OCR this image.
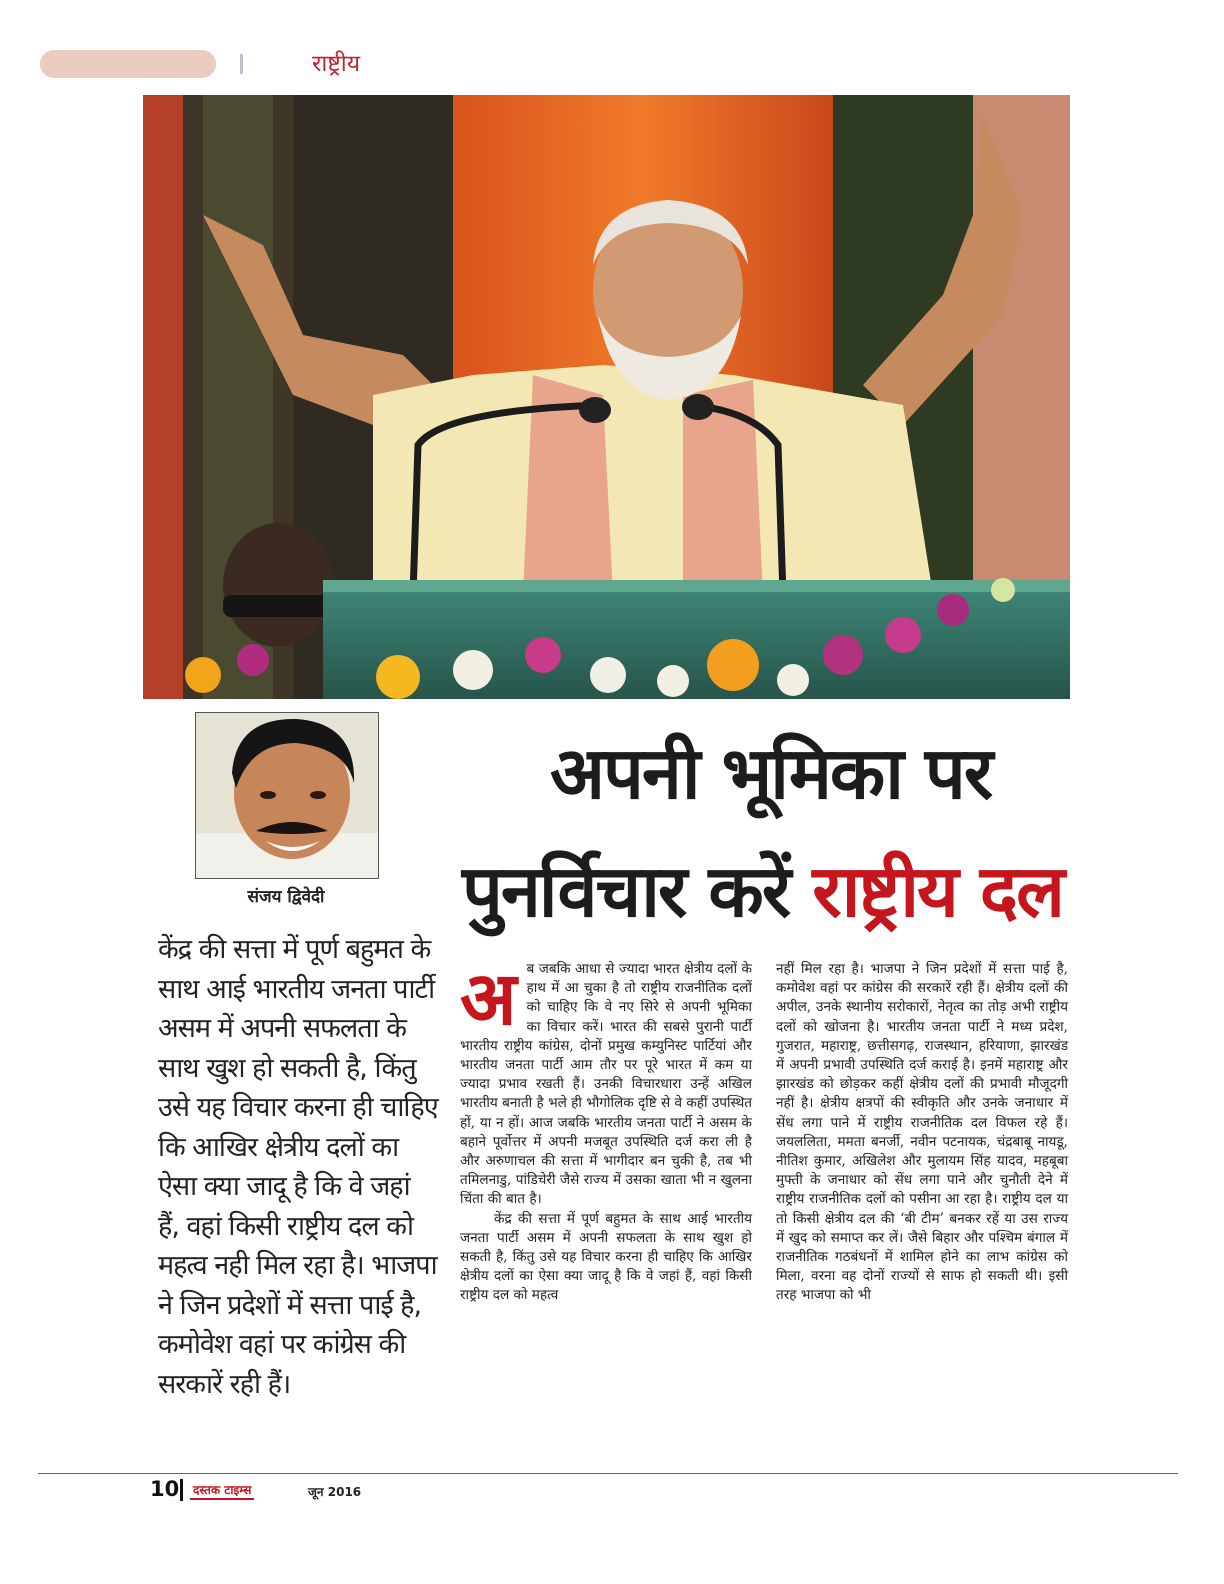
राष्ट्रीय
संजय द्विवेदी
अपनी भूमिका पर
पुनर्विचार करें राष्ट्रीय दल
केंद्र की सत्ता में पूर्ण बहुमत के साथ आई भारतीय जनता पार्टी असम में अपनी सफलता के साथ खुश हो सकती है, किंतु उसे यह विचार करना ही चाहिए कि आखिर क्षेत्रीय दलों का ऐसा क्या जादू है कि वे जहां हैं, वहां किसी राष्ट्रीय दल को महत्व नही मिल रहा है। भाजपा ने जिन प्रदेशों में सत्ता पाई है, कमोवेश वहां पर कांग्रेस की सरकारें रही हैं।
अ ब जबकि आधा से ज्यादा भारत क्षेत्रीय दलों के हाथ में आ चुका है तो राष्ट्रीय राजनीतिक दलों को चाहिए कि वे नए सिरे से अपनी भूमिका का विचार करें। भारत की सबसे पुरानी पार्टी भारतीय राष्ट्रीय कांग्रेस, दोनों प्रमुख कम्युनिस्ट पार्टियां और भारतीय जनता पार्टी आम तौर पर पूरे भारत में कम या ज्यादा प्रभाव रखती हैं। उनकी विचारधारा उन्हें अखिल भारतीय बनाती है भले ही भौगोलिक दृष्टि से वे कहीं उपस्थित हों, या न हों। आज जबकि भारतीय जनता पार्टी ने असम के बहाने पूर्वोत्तर में अपनी मजबूत उपस्थिति दर्ज करा ली है और अरुणाचल की सत्ता में भागीदार बन चुकी है, तब भी तमिलनाडु, पांडिचेरी जैसे राज्य में उसका खाता भी न खुलना चिंता की बात है।

केंद्र की सत्ता में पूर्ण बहुमत के साथ आई भारतीय जनता पार्टी असम में अपनी सफलता के साथ खुश हो सकती है, किंतु उसे यह विचार करना ही चाहिए कि आखिर क्षेत्रीय दलों का ऐसा क्या जादू है कि वे जहां हैं, वहां किसी राष्ट्रीय दल को महत्व

नहीं मिल रहा है। भाजपा ने जिन प्रदेशों में सत्ता पाई है, कमोवेश वहां पर कांग्रेस की सरकारें रही हैं। क्षेत्रीय दलों की अपील, उनके स्थानीय सरोकारों, नेतृत्व का तोड़ अभी राष्ट्रीय दलों को खोजना है। भारतीय जनता पार्टी ने मध्य प्रदेश, गुजरात, महाराष्ट्र, छत्तीसगढ़, राजस्थान, हरियाणा, झारखंड में अपनी प्रभावी उपस्थिति दर्ज कराई है। इनमें महाराष्ट्र और झारखंड को छोड़कर कहीं क्षेत्रीय दलों की प्रभावी मौजूदगी नहीं है। क्षेत्रीय क्षत्रपों की स्वीकृति और उनके जनाधार में सेंध लगा पाने में राष्ट्रीय राजनीतिक दल विफल रहे हैं। जयललिता, ममता बनर्जी, नवीन पटनायक, चंद्रबाबू नायडू, नीतिश कुमार, अखिलेश और मुलायम सिंह यादव, महबूबा मुफ्ती के जनाधार को सेंध लगा पाने और चुनौती देने में राष्ट्रीय राजनीतिक दलों को पसीना आ रहा है। राष्ट्रीय दल या तो किसी क्षेत्रीय दल की ‘बी टीम’ बनकर रहें या उस राज्य में खुद को समाप्त कर लें। जैसे बिहार और पश्चिम बंगाल में राजनीतिक गठबंधनों में शामिल होने का लाभ कांग्रेस को मिला, वरना वह दोनों राज्यों से साफ हो सकती थी। इसी तरह भाजपा को भी

10 दस्तक टाइम्स	जून 2016
